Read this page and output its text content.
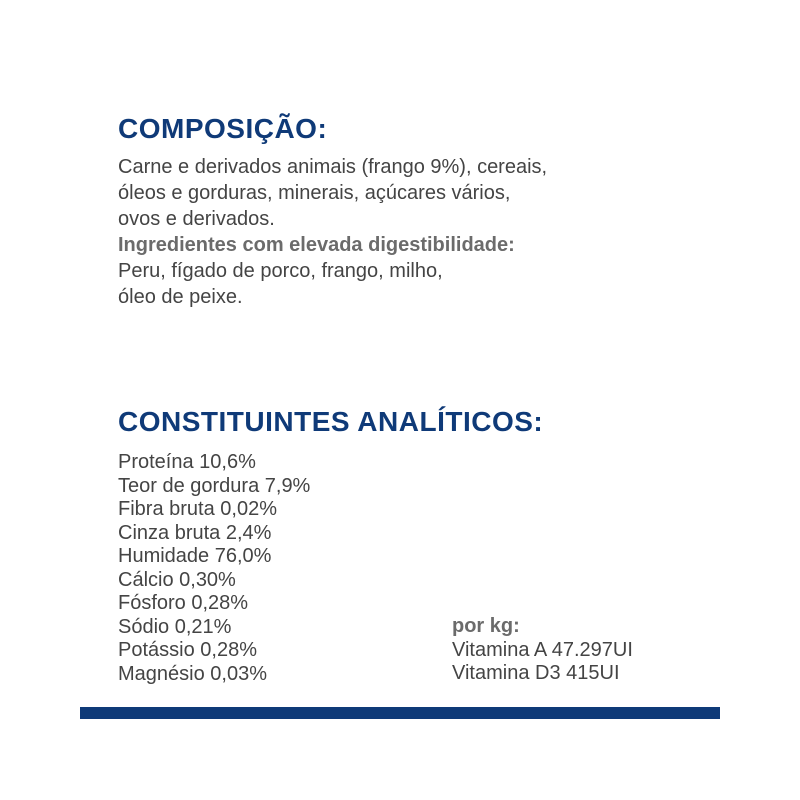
COMPOSIÇÃO:
Carne e derivados animais (frango 9%), cereais,
óleos e gorduras, minerais, açúcares vários,
ovos e derivados.
Ingredientes com elevada digestibilidade:
Peru, fígado de porco, frango, milho,
óleo de peixe.
CONSTITUINTES ANALÍTICOS:
Proteína 10,6%
Teor de gordura 7,9%
Fibra bruta 0,02%
Cinza bruta 2,4%
Humidade 76,0%
Cálcio 0,30%
Fósforo 0,28%
Sódio 0,21%
Potássio 0,28%
Magnésio 0,03%
por kg:
Vitamina A 47.297UI
Vitamina D3 415UI
